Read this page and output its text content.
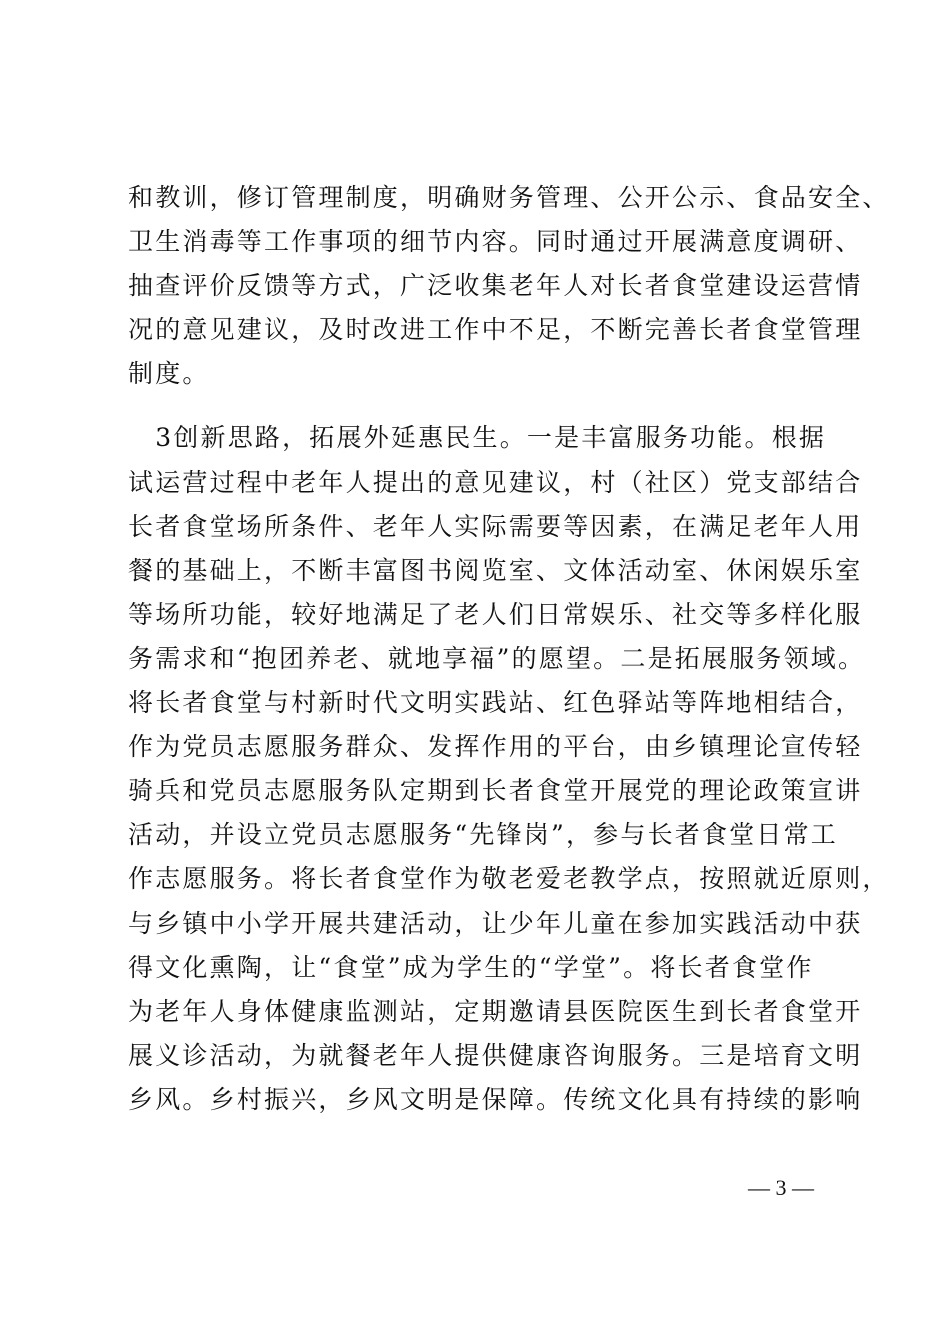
和教训，修订管理制度，明确财务管理、公开公示、食品安全、
卫生消毒等工作事项的细节内容。同时通过开展满意度调研、
抽查评价反馈等方式，广泛收集老年人对长者食堂建设运营情
况的意见建议，及时改进工作中不足，不断完善长者食堂管理
制度。
　3创新思路，拓展外延惠民生。一是丰富服务功能。根据
试运营过程中老年人提出的意见建议，村（社区）党支部结合
长者食堂场所条件、老年人实际需要等因素，在满足老年人用
餐的基础上，不断丰富图书阅览室、文体活动室、休闲娱乐室
等场所功能，较好地满足了老人们日常娱乐、社交等多样化服
务需求和“抱团养老、就地享福”的愿望。二是拓展服务领域。
将长者食堂与村新时代文明实践站、红色驿站等阵地相结合，
作为党员志愿服务群众、发挥作用的平台，由乡镇理论宣传轻
骑兵和党员志愿服务队定期到长者食堂开展党的理论政策宣讲
活动，并设立党员志愿服务“先锋岗”，参与长者食堂日常工
作志愿服务。将长者食堂作为敬老爱老教学点，按照就近原则，
与乡镇中小学开展共建活动，让少年儿童在参加实践活动中获
得文化熏陶，让“食堂”成为学生的“学堂”。将长者食堂作
为老年人身体健康监测站，定期邀请县医院医生到长者食堂开
展义诊活动，为就餐老年人提供健康咨询服务。三是培育文明
乡风。乡村振兴，乡风文明是保障。传统文化具有持续的影响
— 3 —
